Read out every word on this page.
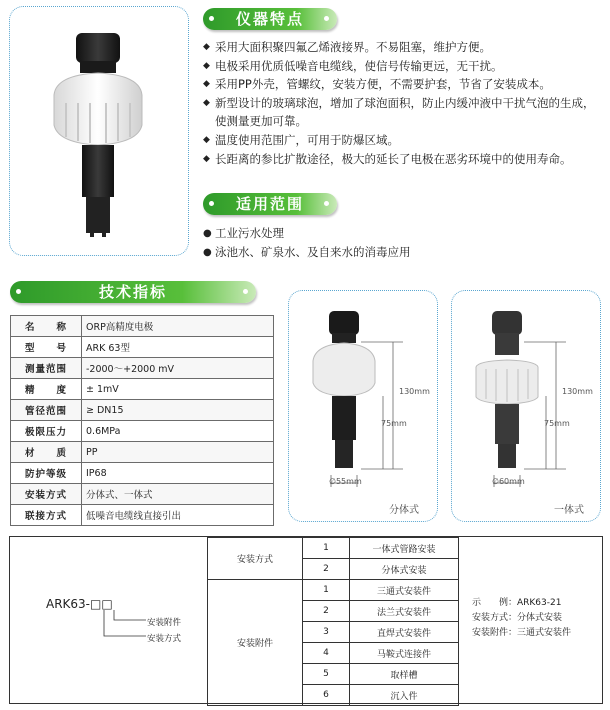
仪器特点
◆ 采用大面积聚四氟乙烯液接界。不易阻塞，维护方便。
◆ 电极采用优质低噪音电缆线，使信号传输更远，无干扰。
◆ 采用PP外壳，管螺纹，安装方便，不需要护套，节省了安装成本。
◆ 新型设计的玻璃球泡，增加了球泡面积，防止内缓冲液中干扰气泡的生成，使测量更加可靠。
◆ 温度使用范围广，可用于防爆区域。
◆ 长距离的参比扩散途径，极大的延长了电极在恶劣环境中的使用寿命。
适用范围
● 工业污水处理
● 泳池水、矿泉水、及自来水的消毒应用
技术指标
名　　称	ORP高精度电极
型　　号	ARK 63型
测量范围	-2000～+2000 mV
精　　度	± 1mV
管径范围	≥ DN15
极限压力	0.6MPa
材　　质	PP
防护等级	IP68
安装方式	分体式、一体式
联接方式	低噪音电缆线直接引出
130mm
75mm
∅55mm
分体式
130mm
75mm
∅60mm
一体式
ARK63-□□
安装附件
安装方式
安装方式	1	一体式管路安装
	2	分体式安装
安装附件	1	三通式安装件
	2	法兰式安装件
	3	直焊式安装件
	4	马鞍式连接件
	5	取样槽
	6	沉入件
示　　例：ARK63-21
安装方式：分体式安装
安装附件：三通式安装件
